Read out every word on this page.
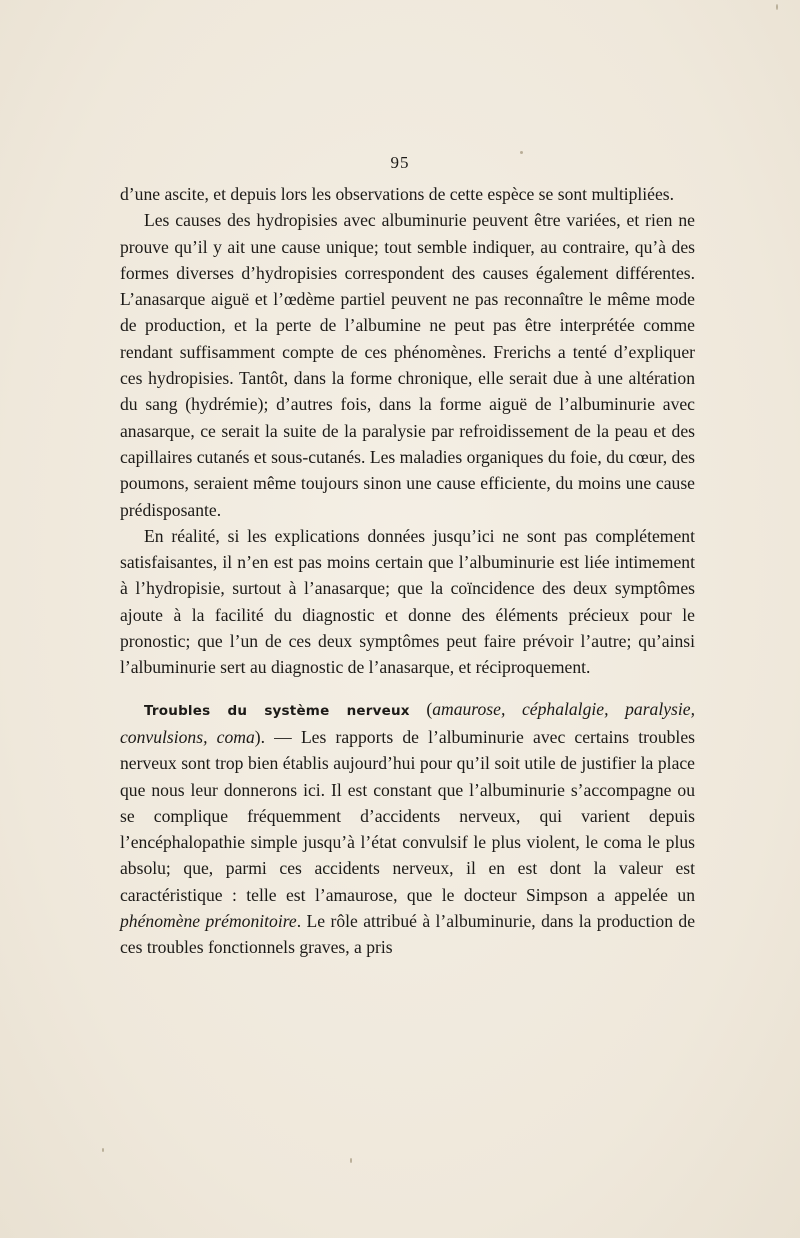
95

d’une ascite, et depuis lors les observations de cette espèce se sont multipliées.

Les causes des hydropisies avec albuminurie peuvent être variées, et rien ne prouve qu’il y ait une cause unique; tout semble indiquer, au contraire, qu’à des formes diverses d’hydropisies correspondent des causes également différentes. L’anasarque aiguë et l’œdème partiel peuvent ne pas reconnaître le même mode de production, et la perte de l’albumine ne peut pas être interprétée comme rendant suffisamment compte de ces phénomènes. Frerichs a tenté d’expliquer ces hydropisies. Tantôt, dans la forme chronique, elle serait due à une altération du sang (hydrémie); d’autres fois, dans la forme aiguë de l’albuminurie avec anasarque, ce serait la suite de la paralysie par refroidissement de la peau et des capillaires cutanés et sous-cutanés. Les maladies organiques du foie, du cœur, des poumons, seraient même toujours sinon une cause efficiente, du moins une cause prédisposante.

En réalité, si les explications données jusqu’ici ne sont pas complétement satisfaisantes, il n’en est pas moins certain que l’albuminurie est liée intimement à l’hydropisie, surtout à l’anasarque; que la coïncidence des deux symptômes ajoute à la facilité du diagnostic et donne des éléments précieux pour le pronostic; que l’un de ces deux symptômes peut faire prévoir l’autre; qu’ainsi l’albuminurie sert au diagnostic de l’anasarque, et réciproquement.

Troubles du système nerveux (amaurose, céphalalgie, paralysie, convulsions, coma). — Les rapports de l’albuminurie avec certains troubles nerveux sont trop bien établis aujourd’hui pour qu’il soit utile de justifier la place que nous leur donnerons ici. Il est constant que l’albuminurie s’accompagne ou se complique fréquemment d’accidents nerveux, qui varient depuis l’encéphalopathie simple jusqu’à l’état convulsif le plus violent, le coma le plus absolu; que, parmi ces accidents nerveux, il en est dont la valeur est caractéristique : telle est l’amaurose, que le docteur Simpson a appelée un phénomène prémonitoire. Le rôle attribué à l’albuminurie, dans la production de ces troubles fonctionnels graves, a pris
